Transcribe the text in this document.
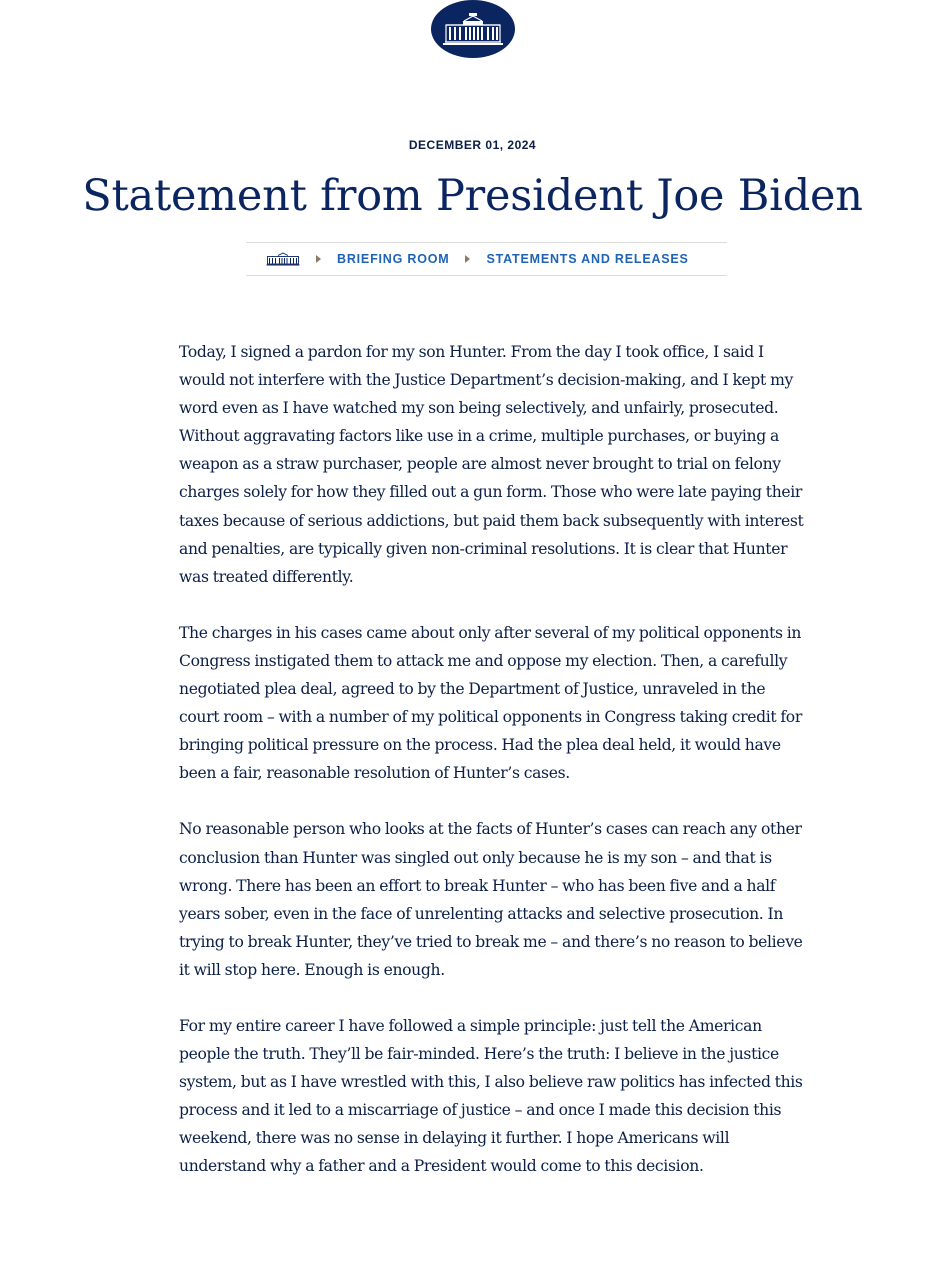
DECEMBER 01, 2024
Statement from President Joe Biden
BRIEFING ROOM	STATEMENTS AND RELEASES

Today, I signed a pardon for my son Hunter. From the day I took office, I said I would not interfere with the Justice Department’s decision-making, and I kept my word even as I have watched my son being selectively, and unfairly, prosecuted. Without aggravating factors like use in a crime, multiple purchases, or buying a weapon as a straw purchaser, people are almost never brought to trial on felony charges solely for how they filled out a gun form. Those who were late paying their taxes because of serious addictions, but paid them back subsequently with interest and penalties, are typically given non-criminal resolutions. It is clear that Hunter was treated differently.

The charges in his cases came about only after several of my political opponents in Congress instigated them to attack me and oppose my election. Then, a carefully negotiated plea deal, agreed to by the Department of Justice, unraveled in the court room – with a number of my political opponents in Congress taking credit for bringing political pressure on the process. Had the plea deal held, it would have been a fair, reasonable resolution of Hunter’s cases.

No reasonable person who looks at the facts of Hunter’s cases can reach any other conclusion than Hunter was singled out only because he is my son – and that is wrong. There has been an effort to break Hunter – who has been five and a half years sober, even in the face of unrelenting attacks and selective prosecution. In trying to break Hunter, they’ve tried to break me – and there’s no reason to believe it will stop here. Enough is enough.

For my entire career I have followed a simple principle: just tell the American people the truth. They’ll be fair-minded. Here’s the truth: I believe in the justice system, but as I have wrestled with this, I also believe raw politics has infected this process and it led to a miscarriage of justice – and once I made this decision this weekend, there was no sense in delaying it further. I hope Americans will understand why a father and a President would come to this decision.
